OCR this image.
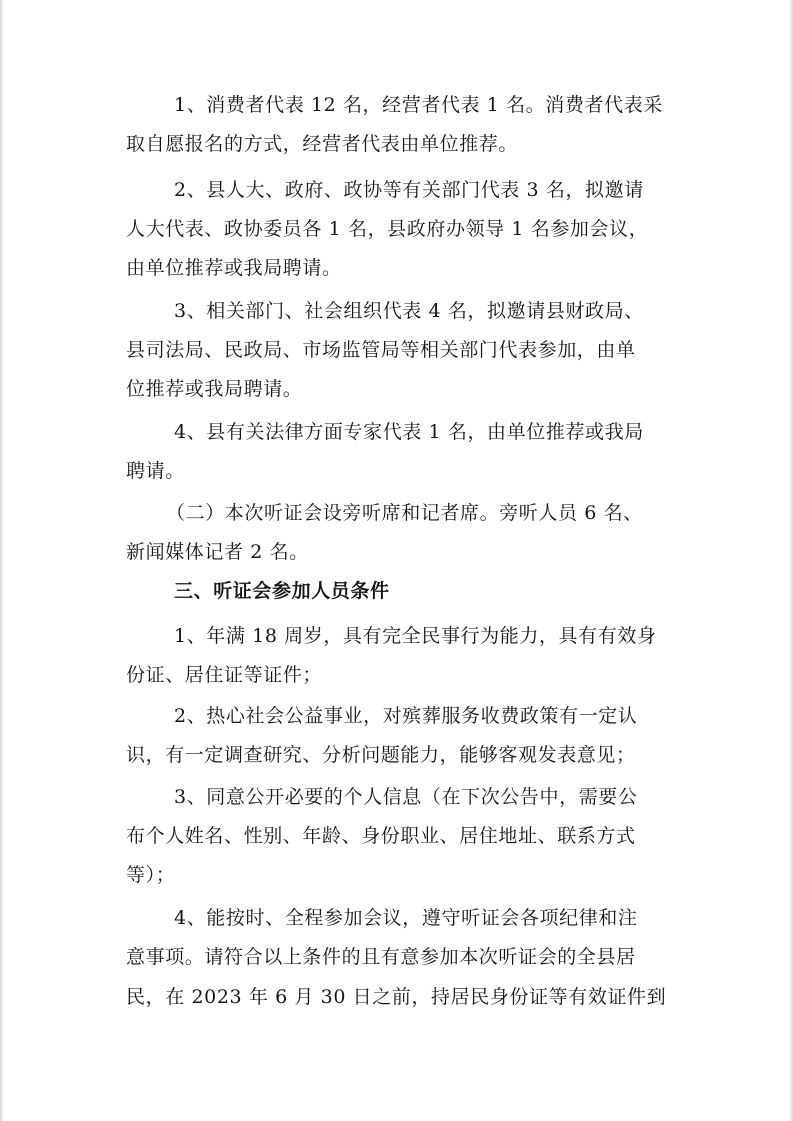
1、消费者代表 12 名，经营者代表 1 名。消费者代表采
取自愿报名的方式，经营者代表由单位推荐。
2、县人大、政府、政协等有关部门代表 3 名，拟邀请
人大代表、政协委员各 1 名，县政府办领导 1 名参加会议，
由单位推荐或我局聘请。
3、相关部门、社会组织代表 4 名，拟邀请县财政局、
县司法局、民政局、市场监管局等相关部门代表参加，由单
位推荐或我局聘请。
4、县有关法律方面专家代表 1 名，由单位推荐或我局
聘请。
（二）本次听证会设旁听席和记者席。旁听人员 6 名、
新闻媒体记者 2 名。
三、听证会参加人员条件
1、年满 18 周岁，具有完全民事行为能力，具有有效身
份证、居住证等证件；
2、热心社会公益事业，对殡葬服务收费政策有一定认
识，有一定调查研究、分析问题能力，能够客观发表意见；
3、同意公开必要的个人信息（在下次公告中，需要公
布个人姓名、性别、年龄、身份职业、居住地址、联系方式
等）；
4、能按时、全程参加会议，遵守听证会各项纪律和注
意事项。请符合以上条件的且有意参加本次听证会的全县居
民，在 2023 年 6 月 30 日之前，持居民身份证等有效证件到
